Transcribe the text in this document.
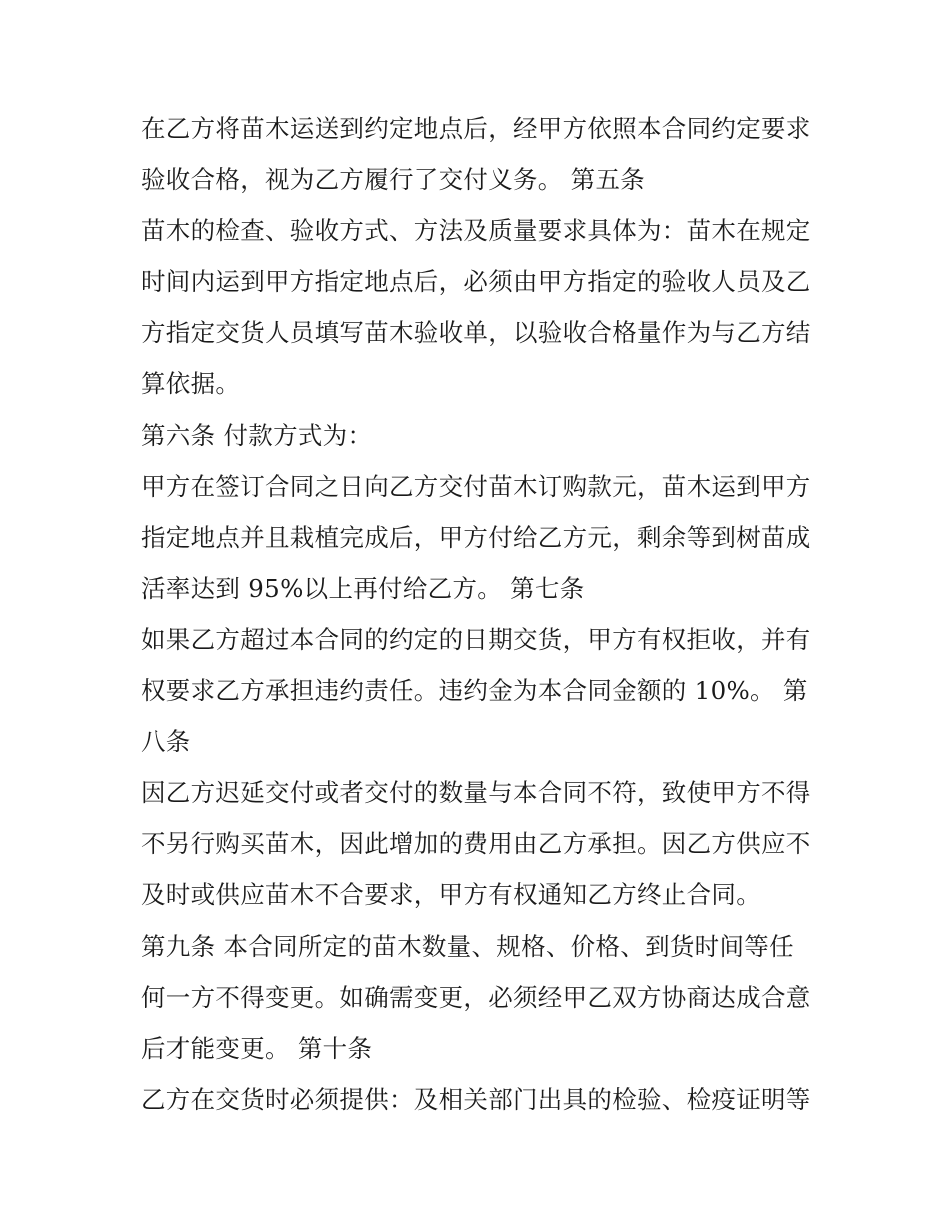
在乙方将苗木运送到约定地点后，经甲方依照本合同约定要求
验收合格，视为乙方履行了交付义务。 第五条
苗木的检查、验收方式、方法及质量要求具体为：苗木在规定
时间内运到甲方指定地点后，必须由甲方指定的验收人员及乙
方指定交货人员填写苗木验收单，以验收合格量作为与乙方结
算依据。
第六条 付款方式为：
甲方在签订合同之日向乙方交付苗木订购款元，苗木运到甲方
指定地点并且栽植完成后，甲方付给乙方元，剩余等到树苗成
活率达到 95%以上再付给乙方。 第七条
如果乙方超过本合同的约定的日期交货，甲方有权拒收，并有
权要求乙方承担违约责任。违约金为本合同金额的 10%。 第
八条
因乙方迟延交付或者交付的数量与本合同不符，致使甲方不得
不另行购买苗木，因此增加的费用由乙方承担。因乙方供应不
及时或供应苗木不合要求，甲方有权通知乙方终止合同。
第九条 本合同所定的苗木数量、规格、价格、到货时间等任
何一方不得变更。如确需变更，必须经甲乙双方协商达成合意
后才能变更。 第十条
乙方在交货时必须提供：及相关部门出具的检验、检疫证明等
